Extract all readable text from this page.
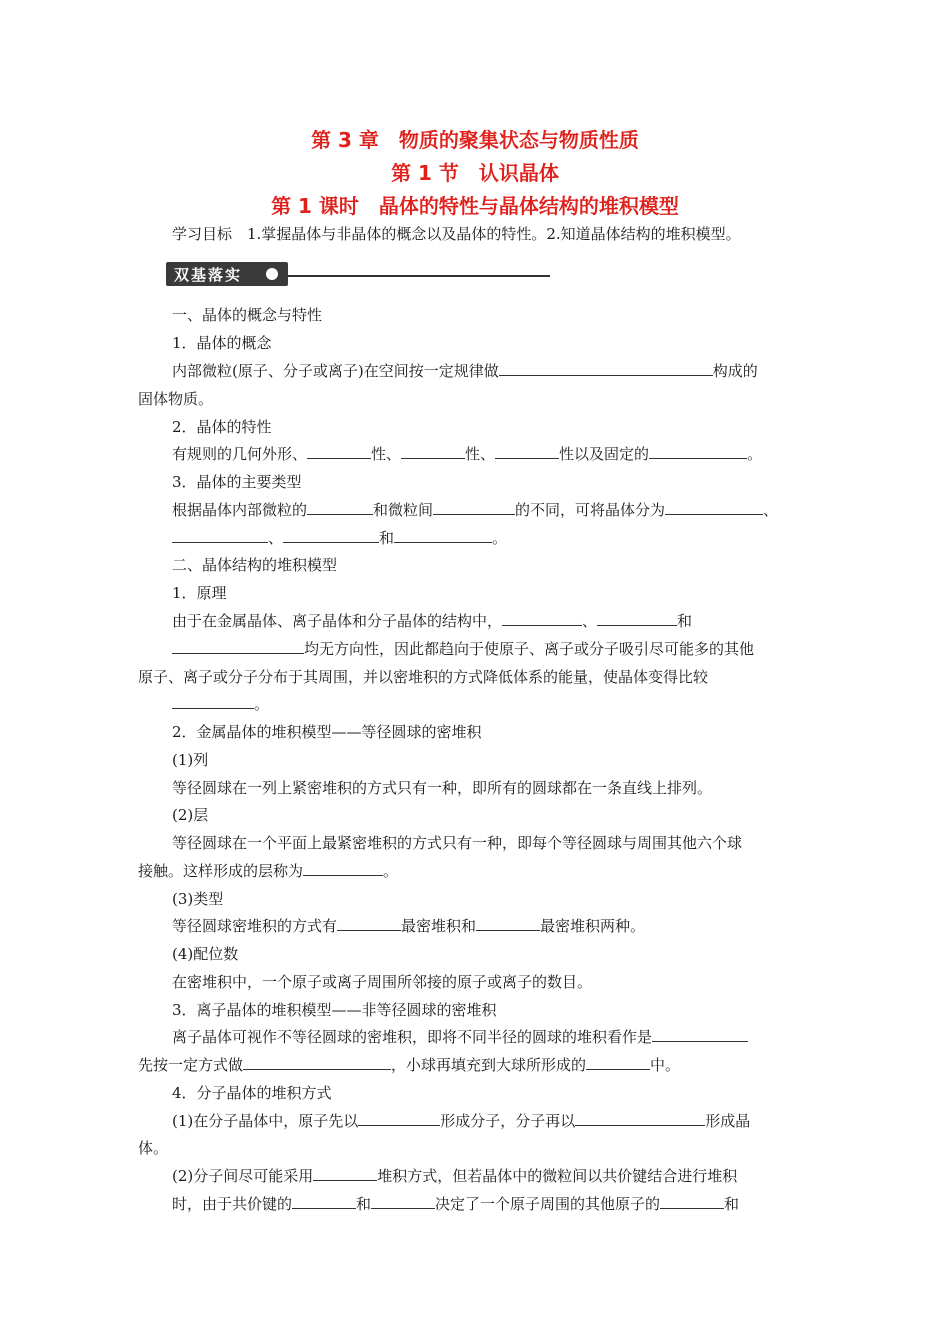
第 3 章　物质的聚集状态与物质性质
第 1 节　认识晶体
第 1 课时　晶体的特性与晶体结构的堆积模型
学习目标　1.掌握晶体与非晶体的概念以及晶体的特性。2.知道晶体结构的堆积模型。
双基落实
一、晶体的概念与特性
1．晶体的概念
内部微粒(原子、分子或离子)在空间按一定规律做	构成的
固体物质。
2．晶体的特性
有规则的几何外形、	性、	性、	性以及固定的	。
3．晶体的主要类型
根据晶体内部微粒的	和微粒间	的不同，可将晶体分为	、
、	和	。
二、晶体结构的堆积模型
1．原理
由于在金属晶体、离子晶体和分子晶体的结构中，	、	和
均无方向性，因此都趋向于使原子、离子或分子吸引尽可能多的其他
原子、离子或分子分布于其周围，并以密堆积的方式降低体系的能量，使晶体变得比较
。
2．金属晶体的堆积模型——等径圆球的密堆积
(1)列
等径圆球在一列上紧密堆积的方式只有一种，即所有的圆球都在一条直线上排列。
(2)层
等径圆球在一个平面上最紧密堆积的方式只有一种，即每个等径圆球与周围其他六个球
接触。这样形成的层称为	。
(3)类型
等径圆球密堆积的方式有	最密堆积和	最密堆积两种。
(4)配位数
在密堆积中，一个原子或离子周围所邻接的原子或离子的数目。
3．离子晶体的堆积模型——非等径圆球的密堆积
离子晶体可视作不等径圆球的密堆积，即将不同半径的圆球的堆积看作是
先按一定方式做	，小球再填充到大球所形成的	中。
4．分子晶体的堆积方式
(1)在分子晶体中，原子先以	形成分子，分子再以	形成晶
体。
(2)分子间尽可能采用	堆积方式，但若晶体中的微粒间以共价键结合进行堆积
时，由于共价键的	和	决定了一个原子周围的其他原子的	和
